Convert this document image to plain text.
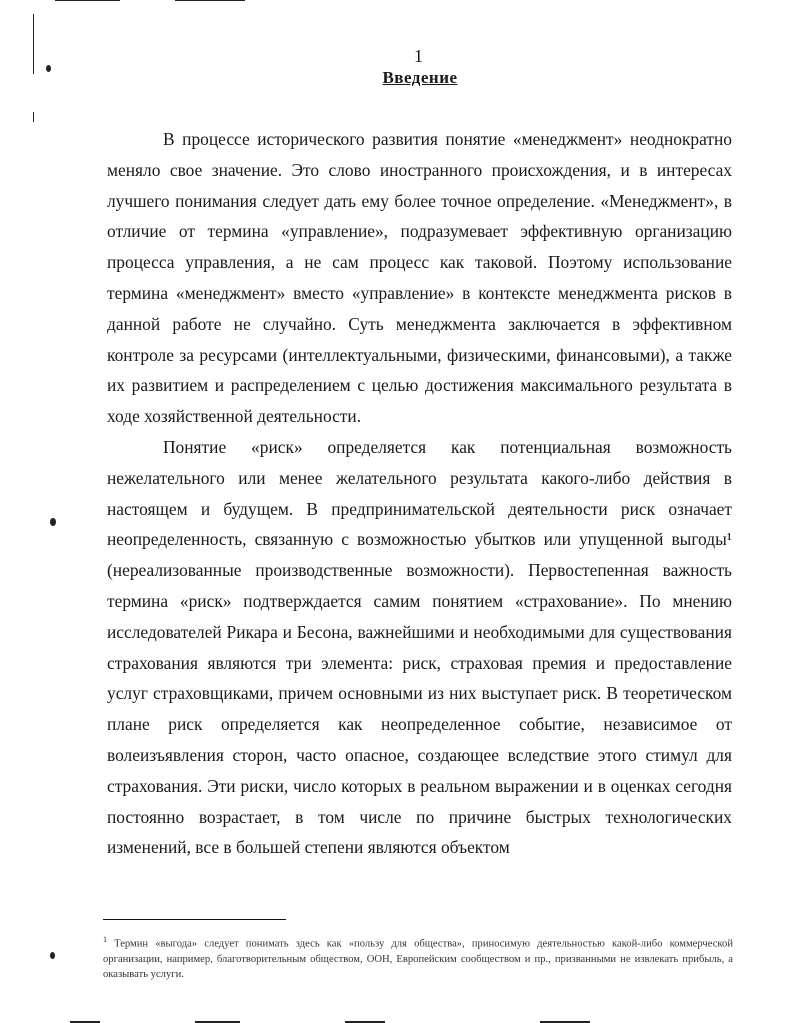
1
Введение

В процессе исторического развития понятие «менеджмент» неоднократно меняло свое значение. Это слово иностранного происхождения, и в интересах лучшего понимания следует дать ему более точное определение. «Менеджмент», в отличие от термина «управление», подразумевает эффективную организацию процесса управления, а не сам процесс как таковой. Поэтому использование термина «менеджмент» вместо «управление» в контексте менеджмента рисков в данной работе не случайно. Суть менеджмента заключается в эффективном контроле за ресурсами (интеллектуальными, физическими, финансовыми), а также их развитием и распределением с целью достижения максимального результата в ходе хозяйственной деятельности.

Понятие «риск» определяется как потенциальная возможность нежелательного или менее желательного результата какого-либо действия в настоящем и будущем. В предпринимательской деятельности риск означает неопределенность, связанную с возможностью убытков или упущенной выгоды¹ (нереализованные производственные возможности). Первостепенная важность термина «риск» подтверждается самим понятием «страхование». По мнению исследователей Рикара и Бесона, важнейшими и необходимыми для существования страхования являются три элемента: риск, страховая премия и предоставление услуг страховщиками, причем основными из них выступает риск. В теоретическом плане риск определяется как неопределенное событие, независимое от волеизъявления сторон, часто опасное, создающее вследствие этого стимул для страхования. Эти риски, число которых в реальном выражении и в оценках сегодня постоянно возрастает, в том числе по причине быстрых технологических изменений, все в большей степени являются объектом

$^1$ Термин «выгода» следует понимать здесь как «пользу для общества», приносимую деятельностью какой-либо коммерческой организации, например, благотворительным обществом, ООН, Европейским сообществом и пр., призванными не извлекать прибыль, а оказывать услуги.
